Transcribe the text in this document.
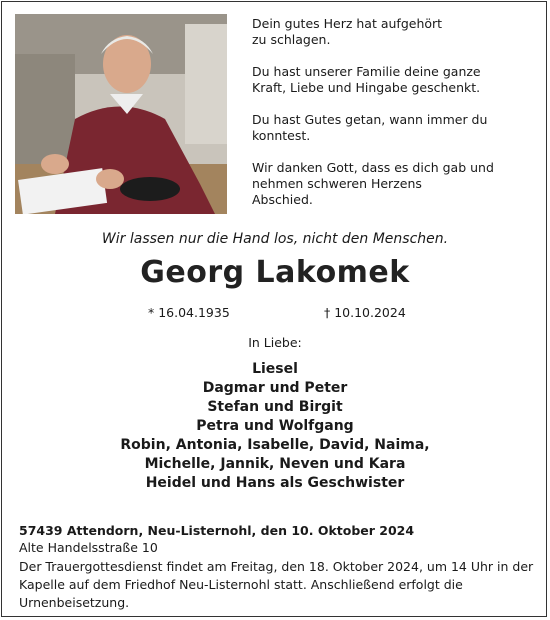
Dein gutes Herz hat aufgehört
zu schlagen.

Du hast unserer Familie deine ganze
Kraft, Liebe und Hingabe geschenkt.

Du hast Gutes getan, wann immer du
konntest.

Wir danken Gott, dass es dich gab und
nehmen schweren Herzens
Abschied.

Wir lassen nur die Hand los, nicht den Menschen.
Georg Lakomek
* 16.04.1935	† 10.10.2024
In Liebe:
Liesel
Dagmar und Peter
Stefan und Birgit
Petra und Wolfgang
Robin, Antonia, Isabelle, David, Naima,
Michelle, Jannik, Neven und Kara
Heidel und Hans als Geschwister
57439 Attendorn, Neu-Listernohl, den 10. Oktober 2024
Alte Handelsstraße 10
Der Trauergottesdienst findet am Freitag, den 18. Oktober 2024, um 14 Uhr in der Kapelle auf dem Friedhof Neu-Listernohl statt. Anschließend erfolgt die Urnenbeisetzung.
